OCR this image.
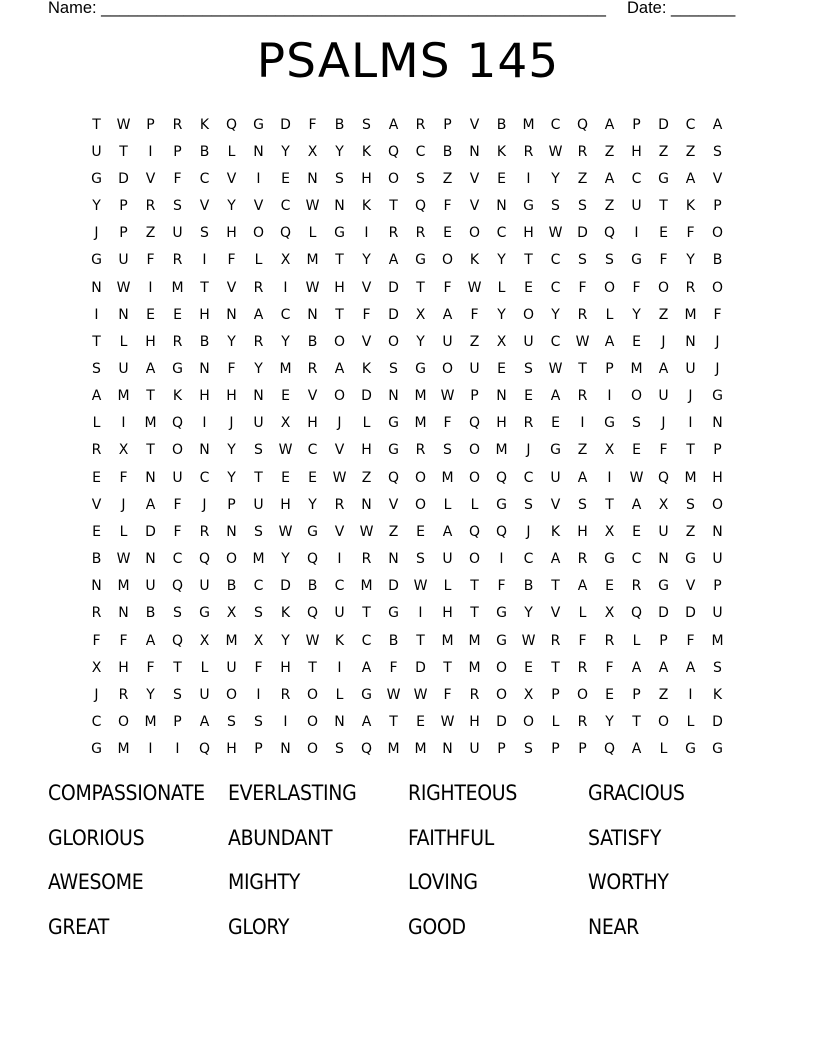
Name: _______________________________________________________ Date: _______
PSALMS 145
T	W	P	R	K	Q	G	D	F	B	S	A	R	P	V	B	M	C	Q	A	P	D	C	A
U	T	I	P	B	L	N	Y	X	Y	K	Q	C	B	N	K	R	W	R	Z	H	Z	Z	S
G	D	V	F	C	V	I	E	N	S	H	O	S	Z	V	E	I	Y	Z	A	C	G	A	V
Y	P	R	S	V	Y	V	C	W	N	K	T	Q	F	V	N	G	S	S	Z	U	T	K	P
J	P	Z	U	S	H	O	Q	L	G	I	R	R	E	O	C	H	W	D	Q	I	E	F	O
G	U	F	R	I	F	L	X	M	T	Y	A	G	O	K	Y	T	C	S	S	G	F	Y	B
N	W	I	M	T	V	R	I	W	H	V	D	T	F	W	L	E	C	F	O	F	O	R	O
I	N	E	E	H	N	A	C	N	T	F	D	X	A	F	Y	O	Y	R	L	Y	Z	M	F
T	L	H	R	B	Y	R	Y	B	O	V	O	Y	U	Z	X	U	C	W	A	E	J	N	J
S	U	A	G	N	F	Y	M	R	A	K	S	G	O	U	E	S	W	T	P	M	A	U	J
A	M	T	K	H	H	N	E	V	O	D	N	M	W	P	N	E	A	R	I	O	U	J	G
L	I	M	Q	I	J	U	X	H	J	L	G	M	F	Q	H	R	E	I	G	S	J	I	N
R	X	T	O	N	Y	S	W	C	V	H	G	R	S	O	M	J	G	Z	X	E	F	T	P
E	F	N	U	C	Y	T	E	E	W	Z	Q	O	M	O	Q	C	U	A	I	W	Q	M	H
V	J	A	F	J	P	U	H	Y	R	N	V	O	L	L	G	S	V	S	T	A	X	S	O
E	L	D	F	R	N	S	W	G	V	W	Z	E	A	Q	Q	J	K	H	X	E	U	Z	N
B	W	N	C	Q	O	M	Y	Q	I	R	N	S	U	O	I	C	A	R	G	C	N	G	U
N	M	U	Q	U	B	C	D	B	C	M	D	W	L	T	F	B	T	A	E	R	G	V	P
R	N	B	S	G	X	S	K	Q	U	T	G	I	H	T	G	Y	V	L	X	Q	D	D	U
F	F	A	Q	X	M	X	Y	W	K	C	B	T	M	M	G	W	R	F	R	L	P	F	M
X	H	F	T	L	U	F	H	T	I	A	F	D	T	M	O	E	T	R	F	A	A	A	S
J	R	Y	S	U	O	I	R	O	L	G	W W	F	R	O	X	P	O	E	P	Z	I	K
C	O	M	P	A	S	S	I	O	N	A	T	E	W	H	D	O	L	R	Y	T	O	L	D
G	M	I	I	Q	H	P	N	O	S	Q	M	M	N	U	P	S	P	P	Q	A	L	G	G
COMPASSIONATE	EVERLASTING	RIGHTEOUS	GRACIOUS
GLORIOUS	ABUNDANT	FAITHFUL	SATISFY
AWESOME	MIGHTY	LOVING	WORTHY
GREAT	GLORY	GOOD	NEAR
